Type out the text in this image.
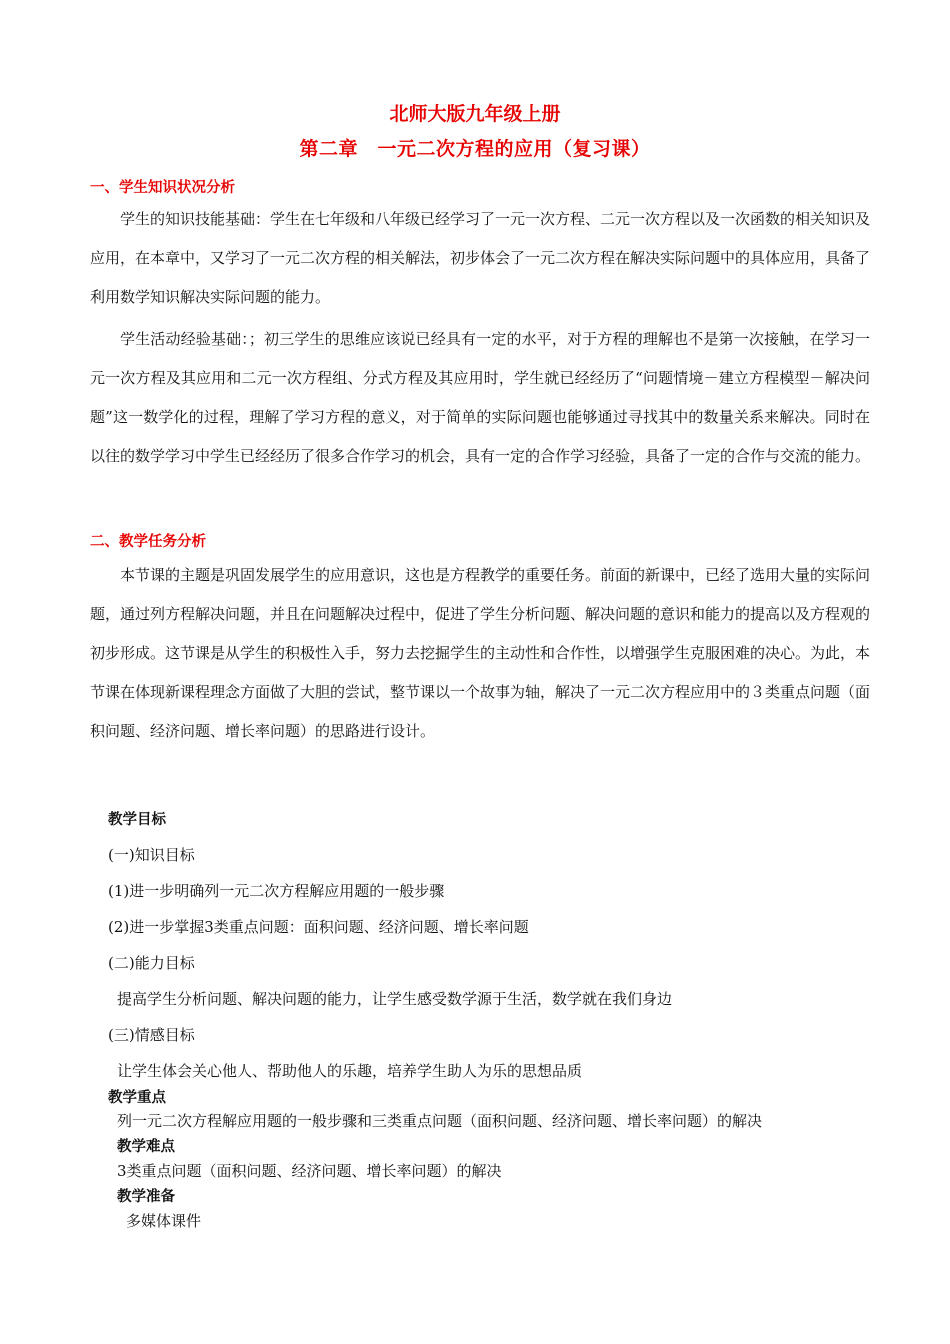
北师大版九年级上册
第二章　一元二次方程的应用（复习课）
一、学生知识状况分析

学生的知识技能基础：学生在七年级和八年级已经学习了一元一次方程、二元一次方程以及一次函数的相关知识及应用，在本章中，又学习了一元二次方程的相关解法，初步体会了一元二次方程在解决实际问题中的具体应用，具备了利用数学知识解决实际问题的能力。

学生活动经验基础：；初三学生的思维应该说已经具有一定的水平，对于方程的理解也不是第一次接触，在学习一元一次方程及其应用和二元一次方程组、分式方程及其应用时，学生就已经经历了“问题情境－建立方程模型－解决问题”这一数学化的过程，理解了学习方程的意义，对于简单的实际问题也能够通过寻找其中的数量关系来解决。同时在以往的数学学习中学生已经经历了很多合作学习的机会，具有一定的合作学习经验，具备了一定的合作与交流的能力。

二、教学任务分析

本节课的主题是巩固发展学生的应用意识，这也是方程教学的重要任务。前面的新课中，已经了选用大量的实际问题，通过列方程解决问题，并且在问题解决过程中，促进了学生分析问题、解决问题的意识和能力的提高以及方程观的初步形成。这节课是从学生的积极性入手，努力去挖掘学生的主动性和合作性，以增强学生克服困难的决心。为此，本节课在体现新课程理念方面做了大胆的尝试，整节课以一个故事为轴，解决了一元二次方程应用中的３类重点问题（面积问题、经济问题、增长率问题）的思路进行设计。

教学目标
(一)知识目标
(1)进一步明确列一元二次方程解应用题的一般步骤
(2)进一步掌握3类重点问题：面积问题、经济问题、增长率问题
(二)能力目标
提高学生分析问题、解决问题的能力，让学生感受数学源于生活，数学就在我们身边
(三)情感目标
让学生体会关心他人、帮助他人的乐趣，培养学生助人为乐的思想品质
教学重点
列一元二次方程解应用题的一般步骤和三类重点问题（面积问题、经济问题、增长率问题）的解决
教学难点
3类重点问题（面积问题、经济问题、增长率问题）的解决
教学准备
多媒体课件
